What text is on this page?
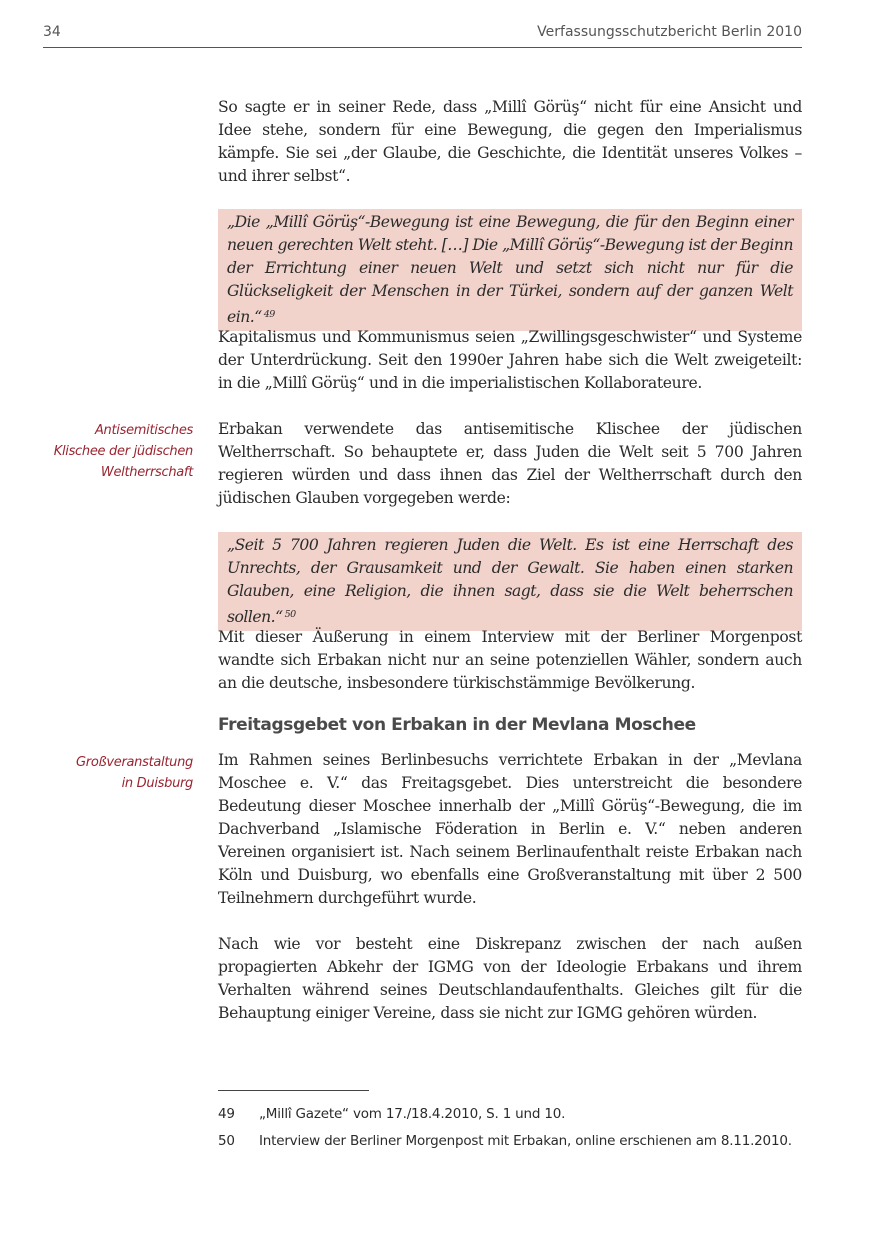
34	Verfassungsschutzbericht Berlin 2010
So sagte er in seiner Rede, dass „Millî Görüş“ nicht für eine Ansicht und Idee stehe, sondern für eine Bewegung, die gegen den Imperialismus kämpfe. Sie sei „der Glaube, die Geschichte, die Identität unseres Volkes – und ihrer selbst“.
„Die „Millî Görüş“-Bewegung ist eine Bewegung, die für den Beginn einer neuen gerechten Welt steht. […] Die „Millî Görüş“-Bewegung ist der Beginn der Errichtung einer neuen Welt und setzt sich nicht nur für die Glückseligkeit der Menschen in der Türkei, sondern auf der ganzen Welt ein.“ $^{49}$
Kapitalismus und Kommunismus seien „Zwillingsgeschwister“ und Systeme der Unterdrückung. Seit den 1990er Jahren habe sich die Welt zweigeteilt: in die „Millî Görüş“ und in die imperialistischen Kollaborateure.
Antisemitisches
Klischee der jüdischen
Weltherrschaft
Erbakan verwendete das antisemitische Klischee der jüdischen Weltherrschaft. So behauptete er, dass Juden die Welt seit 5 700 Jahren regieren würden und dass ihnen das Ziel der Weltherrschaft durch den jüdischen Glauben vorgegeben werde:
„Seit 5 700 Jahren regieren Juden die Welt. Es ist eine Herrschaft des Unrechts, der Grausamkeit und der Gewalt. Sie haben einen starken Glauben, eine Religion, die ihnen sagt, dass sie die Welt beherrschen sollen.“ $^{50}$
Mit dieser Äußerung in einem Interview mit der Berliner Morgenpost wandte sich Erbakan nicht nur an seine potenziellen Wähler, sondern auch an die deutsche, insbesondere türkischstämmige Bevölkerung.
Freitagsgebet von Erbakan in der Mevlana Moschee
Großveranstaltung
in Duisburg
Im Rahmen seines Berlinbesuchs verrichtete Erbakan in der „Mevlana Moschee e. V.“ das Freitagsgebet. Dies unterstreicht die besondere Bedeutung dieser Moschee innerhalb der „Millî Görüş“-Bewegung, die im Dachverband „Islamische Föderation in Berlin e. V.“ neben anderen Vereinen organisiert ist. Nach seinem Berlinaufenthalt reiste Erbakan nach Köln und Duisburg, wo ebenfalls eine Großveranstaltung mit über 2 500 Teilnehmern durchgeführt wurde.
Nach wie vor besteht eine Diskrepanz zwischen der nach außen propagierten Abkehr der IGMG von der Ideologie Erbakans und ihrem Verhalten während seines Deutschlandaufenthalts. Gleiches gilt für die Behauptung einiger Vereine, dass sie nicht zur IGMG gehören würden.
49 „Millî Gazete“ vom 17./18.4.2010, S. 1 und 10.
50 Interview der Berliner Morgenpost mit Erbakan, online erschienen am 8.11.2010.
